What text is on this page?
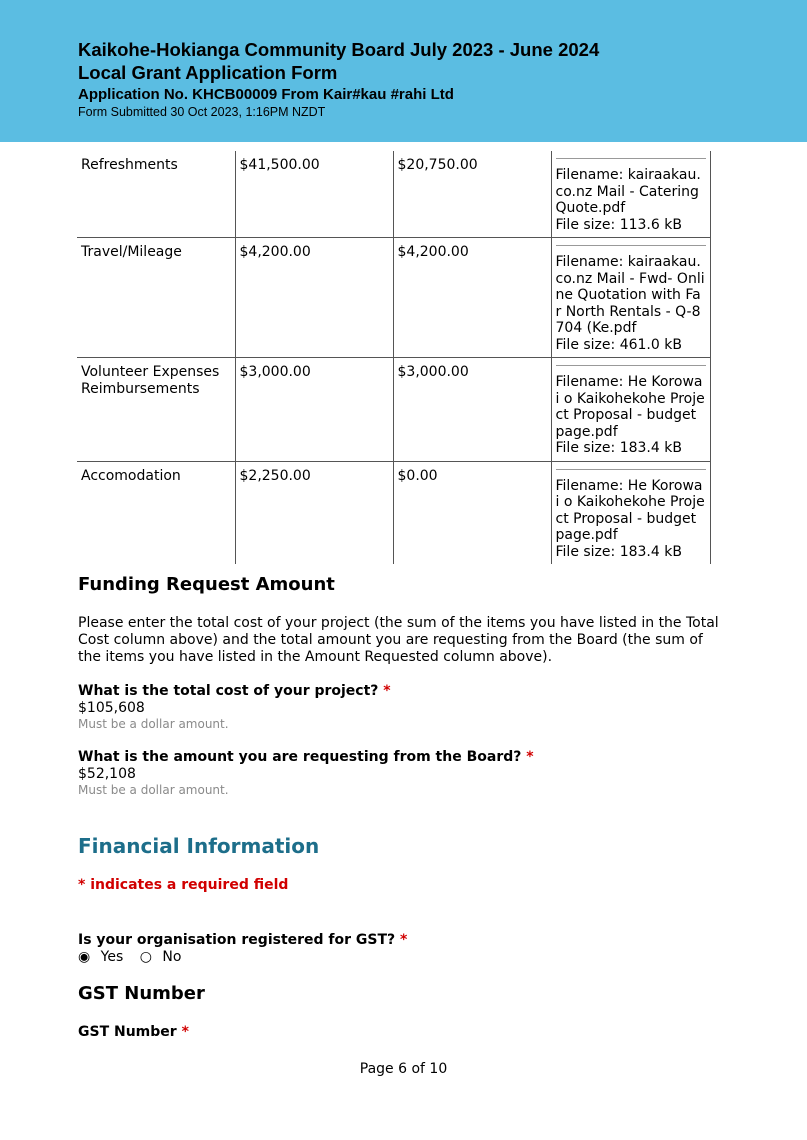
Kaikohe-Hokianga Community Board July 2023 - June 2024
Local Grant Application Form
Application No. KHCB00009 From Kair#kau #rahi Ltd
Form Submitted 30 Oct 2023, 1:16PM NZDT
Refreshments	$41,500.00	$20,750.00	Filename: kairaakau. co.nz Mail - Catering Quote.pdf
File size: 113.6 kB

Travel/Mileage	$4,200.00	$4,200.00	Filename: kairaakau. co.nz Mail - Fwd- Online Quotation with Far North Rentals - Q-8704 (Ke.pdf
File size: 461.0 kB

Volunteer Expenses Reimbursements	$3,000.00	$3,000.00	Filename: He Korowai o Kaikohekohe Project Proposal - budget page.pdf
File size: 183.4 kB

Accomodation	$2,250.00	$0.00	Filename: He Korowai o Kaikohekohe Project Proposal - budget page.pdf
File size: 183.4 kB
Funding Request Amount
Please enter the total cost of your project (the sum of the items you have listed in the Total Cost column above) and the total amount you are requesting from the Board (the sum of the items you have listed in the Amount Requested column above).
What is the total cost of your project? *
$105,608
Must be a dollar amount.
What is the amount you are requesting from the Board? *
$52,108
Must be a dollar amount.
Financial Information
* indicates a required field
Is your organisation registered for GST? *
◉ Yes ○ No
GST Number
GST Number *
Page 6 of 10
